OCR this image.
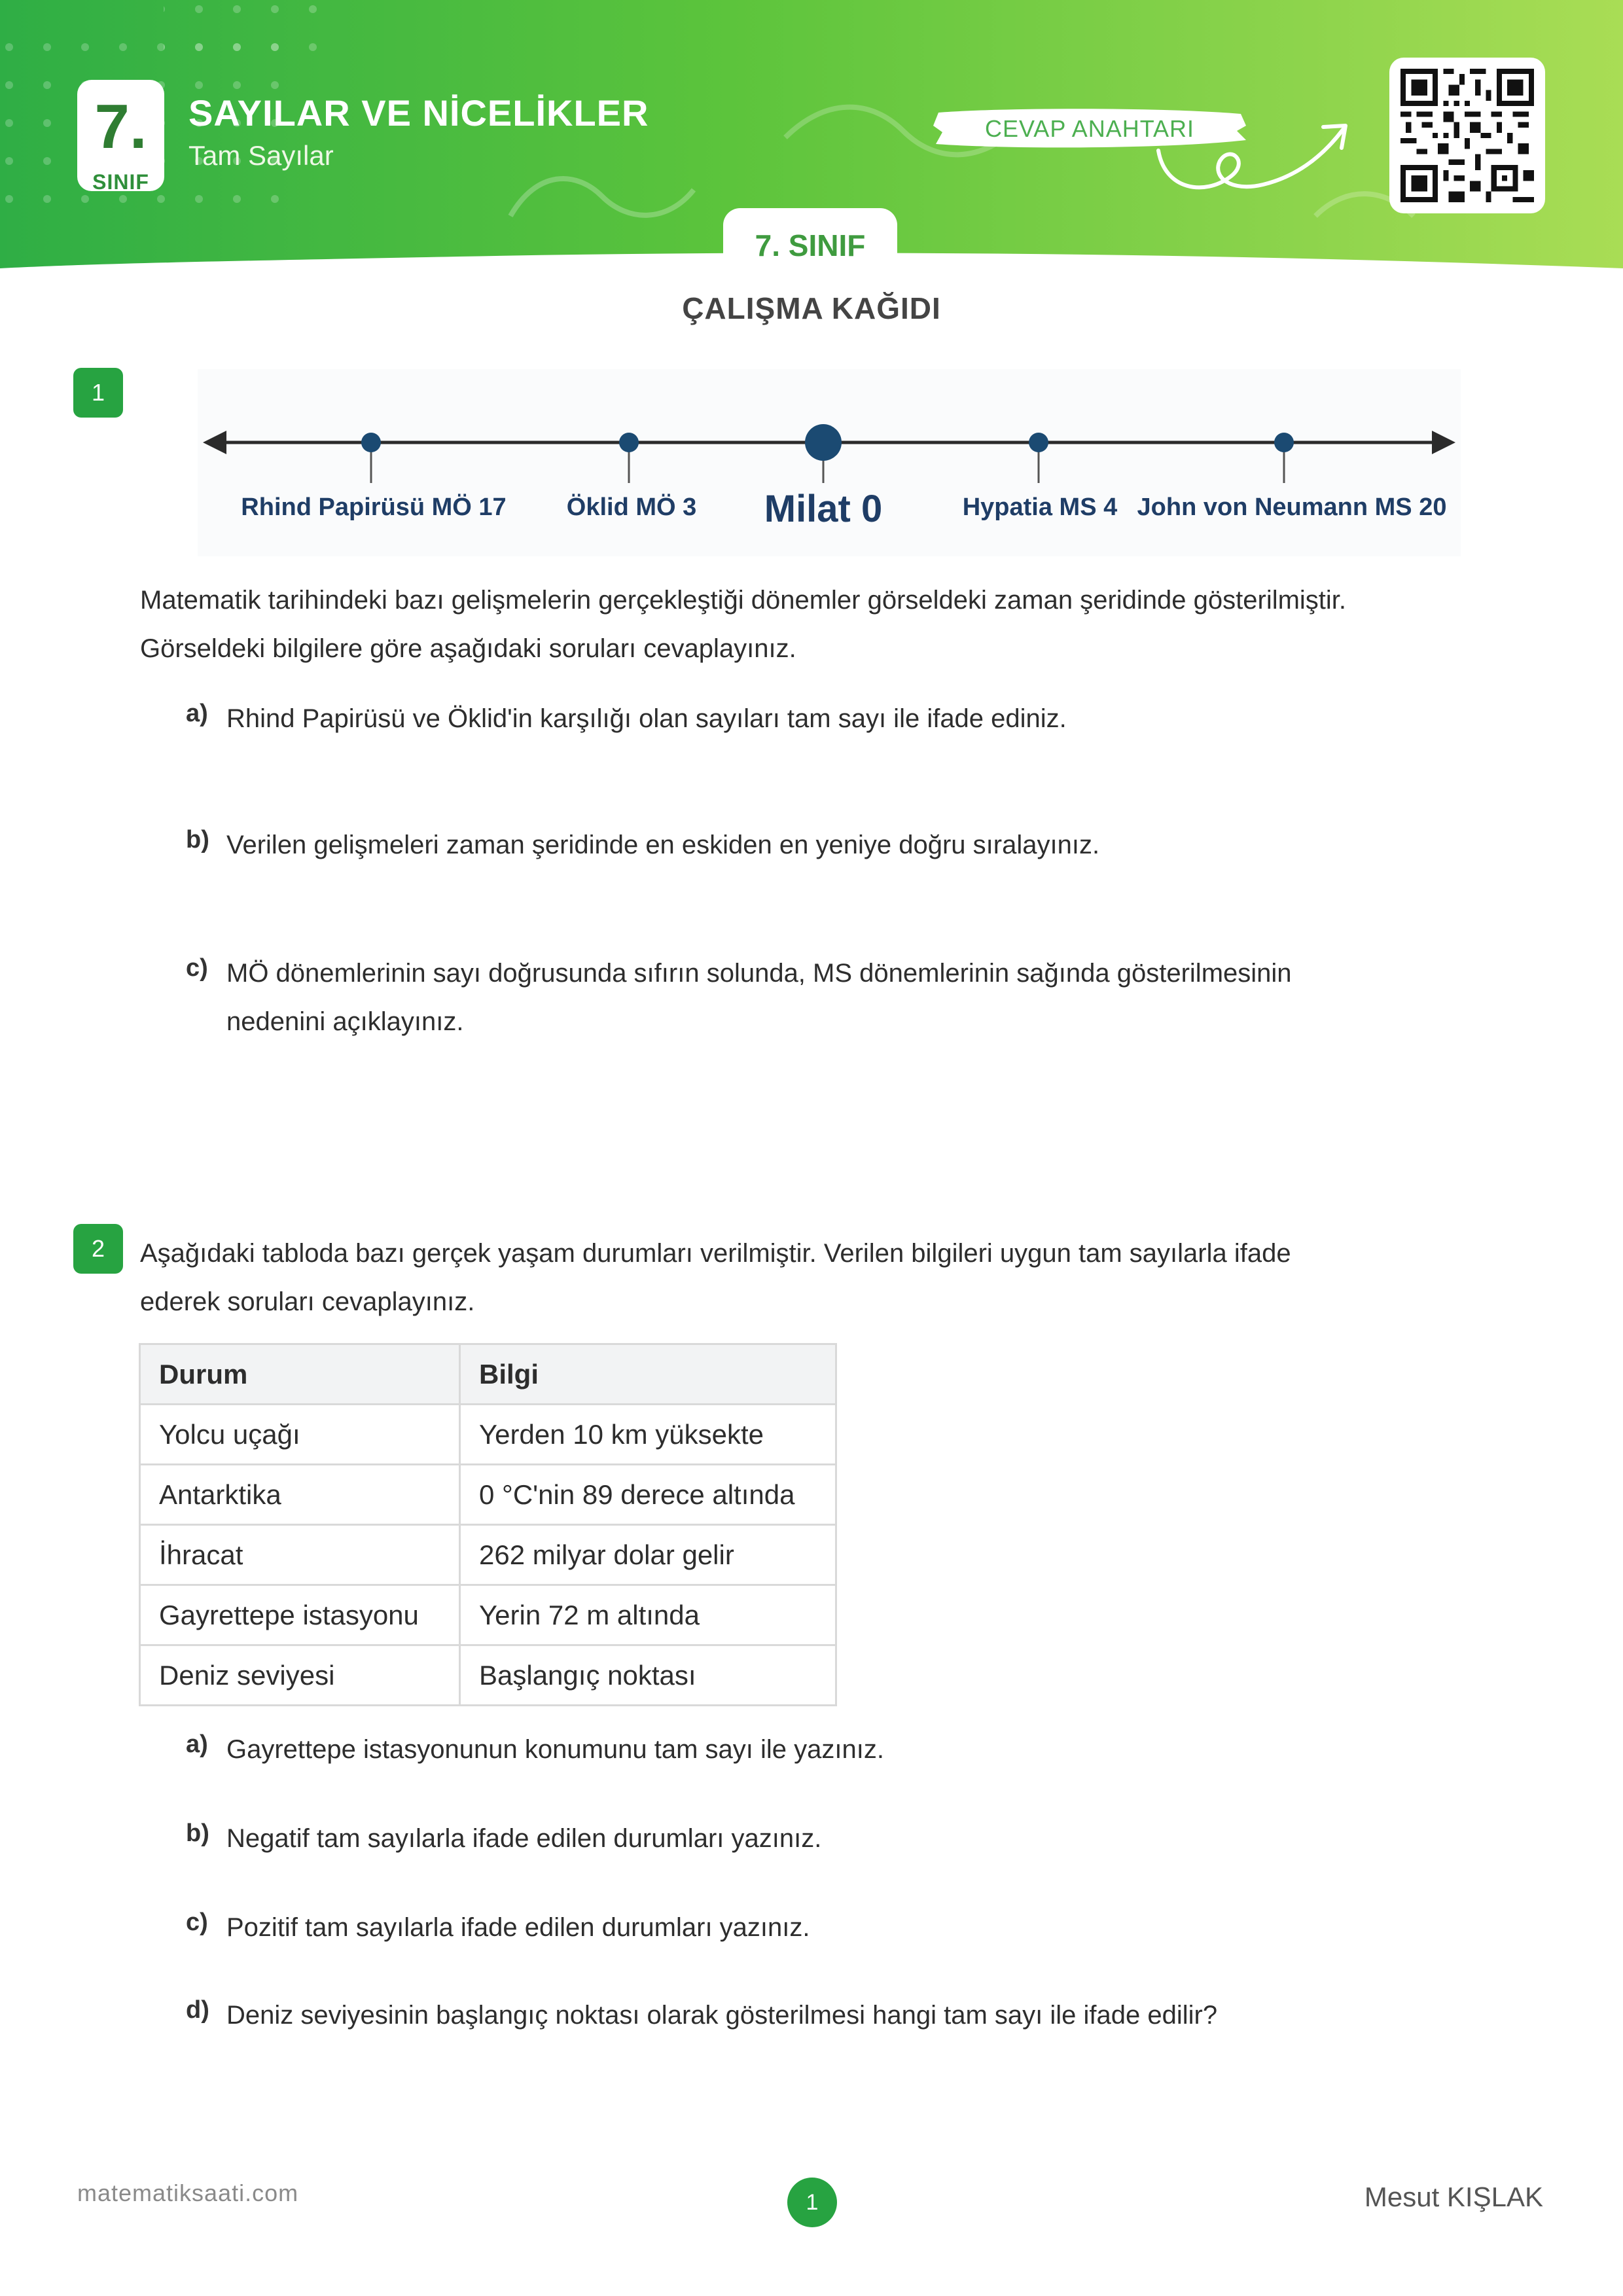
7.
SINIF
SAYILAR VE NİCELİKLER
Tam Sayılar
CEVAP ANAHTARI
7. SINIF
ÇALIŞMA KAĞIDI
1
Rhind Papirüsü MÖ 17 Öklid MÖ 3 Milat 0	Hypatia MS 4 John von Neumann MS 20
Matematik tarihindeki bazı gelişmelerin gerçekleştiği dönemler görseldeki zaman şeridinde gösterilmiştir.
Görseldeki bilgilere göre aşağıdaki soruları cevaplayınız.
a) Rhind Papirüsü ve Öklid'in karşılığı olan sayıları tam sayı ile ifade ediniz.
b) Verilen gelişmeleri zaman şeridinde en eskiden en yeniye doğru sıralayınız.
c) MÖ dönemlerinin sayı doğrusunda sıfırın solunda, MS dönemlerinin sağında gösterilmesinin
nedenini açıklayınız.
2	Aşağıdaki tabloda bazı gerçek yaşam durumları verilmiştir. Verilen bilgileri uygun tam sayılarla ifade
ederek soruları cevaplayınız.
Durum	Bilgi
Yolcu uçağı	Yerden 10 km yüksekte
Antarktika	0 °C'nin 89 derece altında
İhracat	262 milyar dolar gelir
Gayrettepe istasyonu	Yerin 72 m altında
Deniz seviyesi	Başlangıç noktası
a) Gayrettepe istasyonunun konumunu tam sayı ile yazınız.
b) Negatif tam sayılarla ifade edilen durumları yazınız.
c) Pozitif tam sayılarla ifade edilen durumları yazınız.
d) Deniz seviyesinin başlangıç noktası olarak gösterilmesi hangi tam sayı ile ifade edilir?
matematiksaati.com	1	Mesut KIŞLAK
